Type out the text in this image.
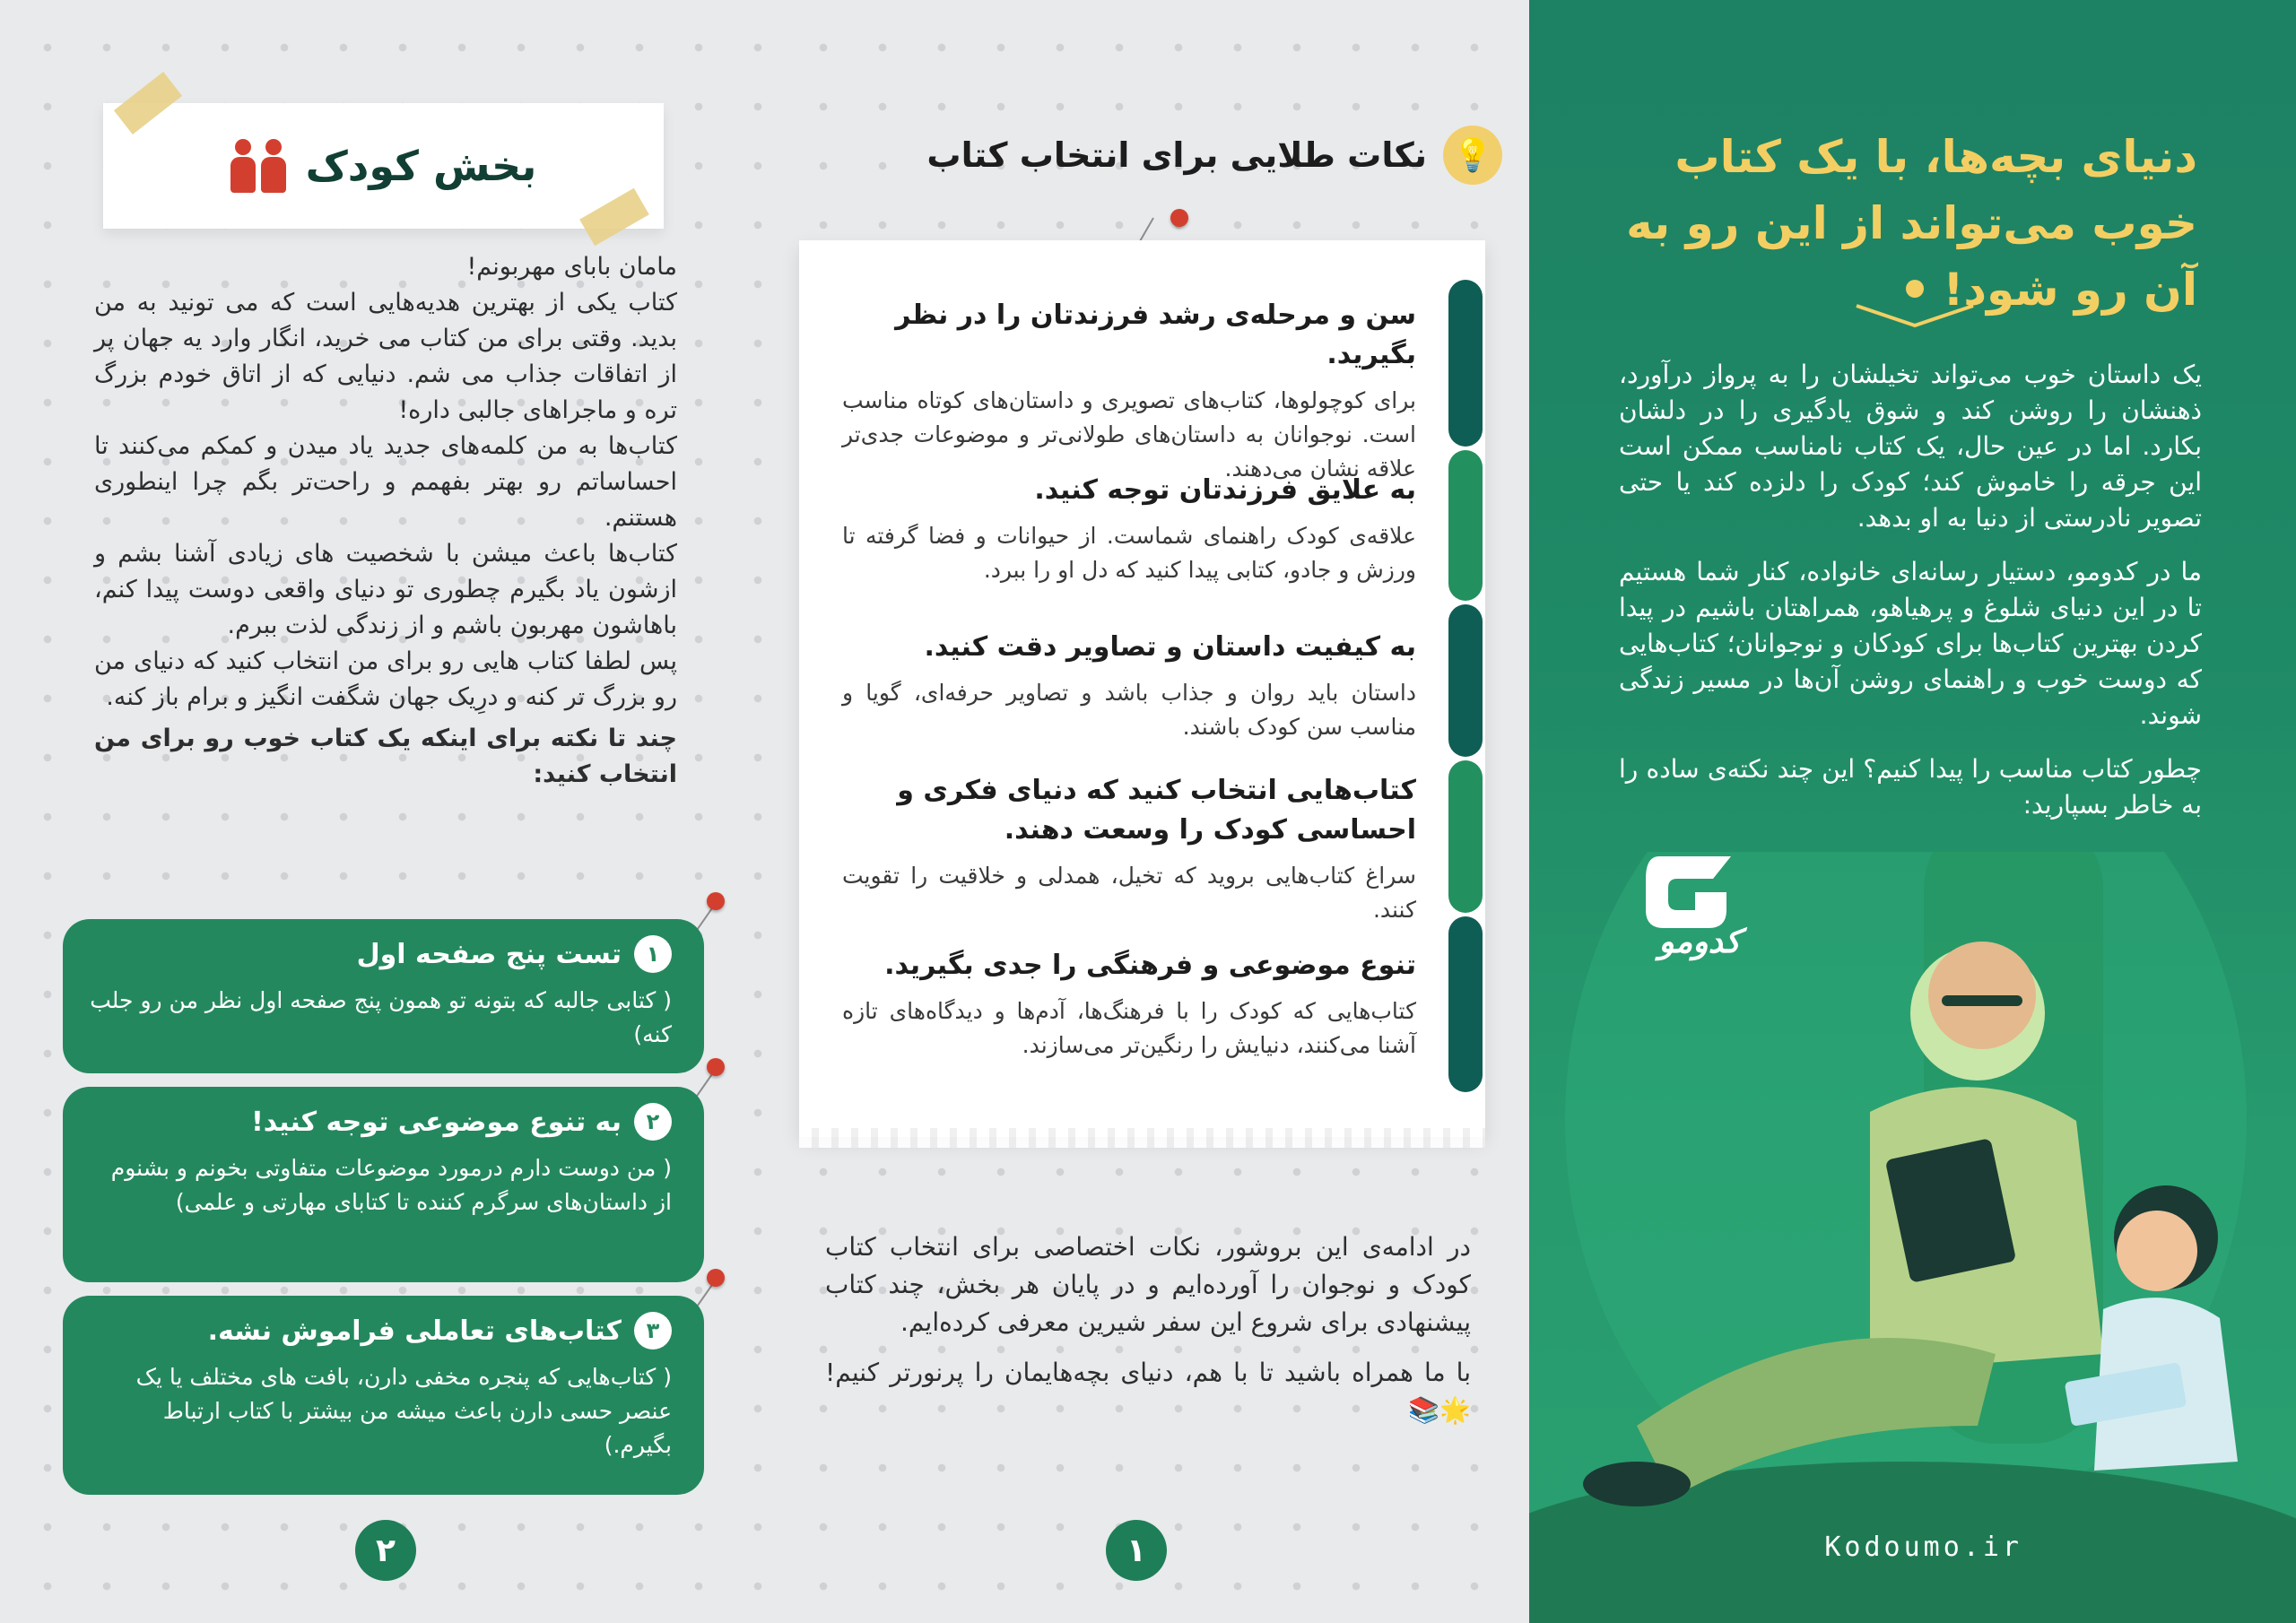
بخش کودک

مامان بابای مهربونم!

کتاب یکی از بهترین هدیه‌هایی است که می تونید به من بدید. وقتی برای من کتاب می خرید، انگار وارد یه جهان پر از اتفاقات جذاب می شم. دنیایی که از اتاق خودم بزرگ تره و ماجراهای جالبی داره!

کتاب‌ها به من کلمه‌های جدید یاد میدن و کمکم می‌کنند تا احساساتم رو بهتر بفهمم و راحت‌تر بگم چرا اینطوری هستنم.

کتاب‌ها باعث میشن با شخصیت های زیادی آشنا بشم و ازشون یاد بگیرم چطوری تو دنیای واقعی دوست پیدا کنم، باهاشون مهربون باشم و از زندگی لذت ببرم.

پس لطفا کتاب هایی رو برای من انتخاب کنید که دنیای من رو بزرگ تر کنه و درِیک جهان شگفت انگیز و برام باز کنه.

چند تا نکته برای اینکه یک کتاب خوب رو برای من انتخاب کنید:

۱
تست پنج صفحه اول
( کتابی جالبه که بتونه تو همون پنج صفحه اول نظر من رو جلب کنه)
۲
به تنوع موضوعی توجه کنید!
( من دوست دارم درمورد موضوعات متفاوتی بخونم و بشنوم از داستان‌های سرگرم کننده تا کتابای مهارتی و علمی)
۳
کتاب‌های تعاملی فراموش نشه.
( کتاب‌هایی که پنجره مخفی دارن، بافت های مختلف یا یک عنصر حسی دارن باعث میشه من بیشتر با کتاب ارتباط بگیرم.)
۲
💡
نکات طلایی برای انتخاب کتاب
سن و مرحله‌ی رشد فرزندتان را در نظر بگیرید.
برای کوچولوها، کتاب‌های تصویری و داستان‌های کوتاه مناسب است. نوجوانان به داستان‌های طولانی‌تر و موضوعات جدی‌تر علاقه نشان می‌دهند.
به علایق فرزندتان توجه کنید.
علاقه‌ی کودک راهنمای شماست. از حیوانات و فضا گرفته تا ورزش و جادو، کتابی پیدا کنید که دل او را ببرد.
به کیفیت داستان و تصاویر دقت کنید.
داستان باید روان و جذاب باشد و تصاویر حرفه‌ای، گویا و مناسب سن کودک باشند.
کتاب‌هایی انتخاب کنید که دنیای فکری و احساسی کودک را وسعت دهند.
سراغ کتاب‌هایی بروید که تخیل، همدلی و خلاقیت را تقویت کنند.
تنوع موضوعی و فرهنگی را جدی بگیرید.
کتاب‌هایی که کودک را با فرهنگ‌ها، آدم‌ها و دیدگاه‌های تازه آشنا می‌کنند، دنیایش را رنگین‌تر می‌سازند.

در ادامه‌ی این بروشور، نکات اختصاصی برای انتخاب کتاب کودک و نوجوان را آورده‌ایم و در پایان هر بخش، چند کتاب پیشنهادی برای شروع این سفر شیرین معرفی کرده‌ایم.

با ما همراه باشید تا با هم، دنیای بچه‌هایمان را پرنورتر کنیم! 🌟📚

۱
دنیای بچه‌ها، با یک کتاب خوب می‌تواند از این رو به آن رو شود!

یک داستان خوب می‌تواند تخیلشان را به پرواز درآورد، ذهنشان را روشن کند و شوق یادگیری را در دلشان بکارد. اما در عین حال، یک کتاب نامناسب ممکن است این جرقه را خاموش کند؛ کودک را دلزده کند یا حتی تصویر نادرستی از دنیا به او بدهد.

ما در کدومو، دستیار رسانه‌ای خانواده، کنار شما هستیم تا در این دنیای شلوغ و پرهیاهو، همراهتان باشیم در پیدا کردن بهترین کتاب‌ها برای کودکان و نوجوانان؛ کتاب‌هایی که دوست خوب و راهنمای روشن آن‌ها در مسیر زندگی شوند.

چطور کتاب مناسب را پیدا کنیم؟ این چند نکته‌ی ساده را به خاطر بسپارید:

کدومو
Kodoumo.ir
